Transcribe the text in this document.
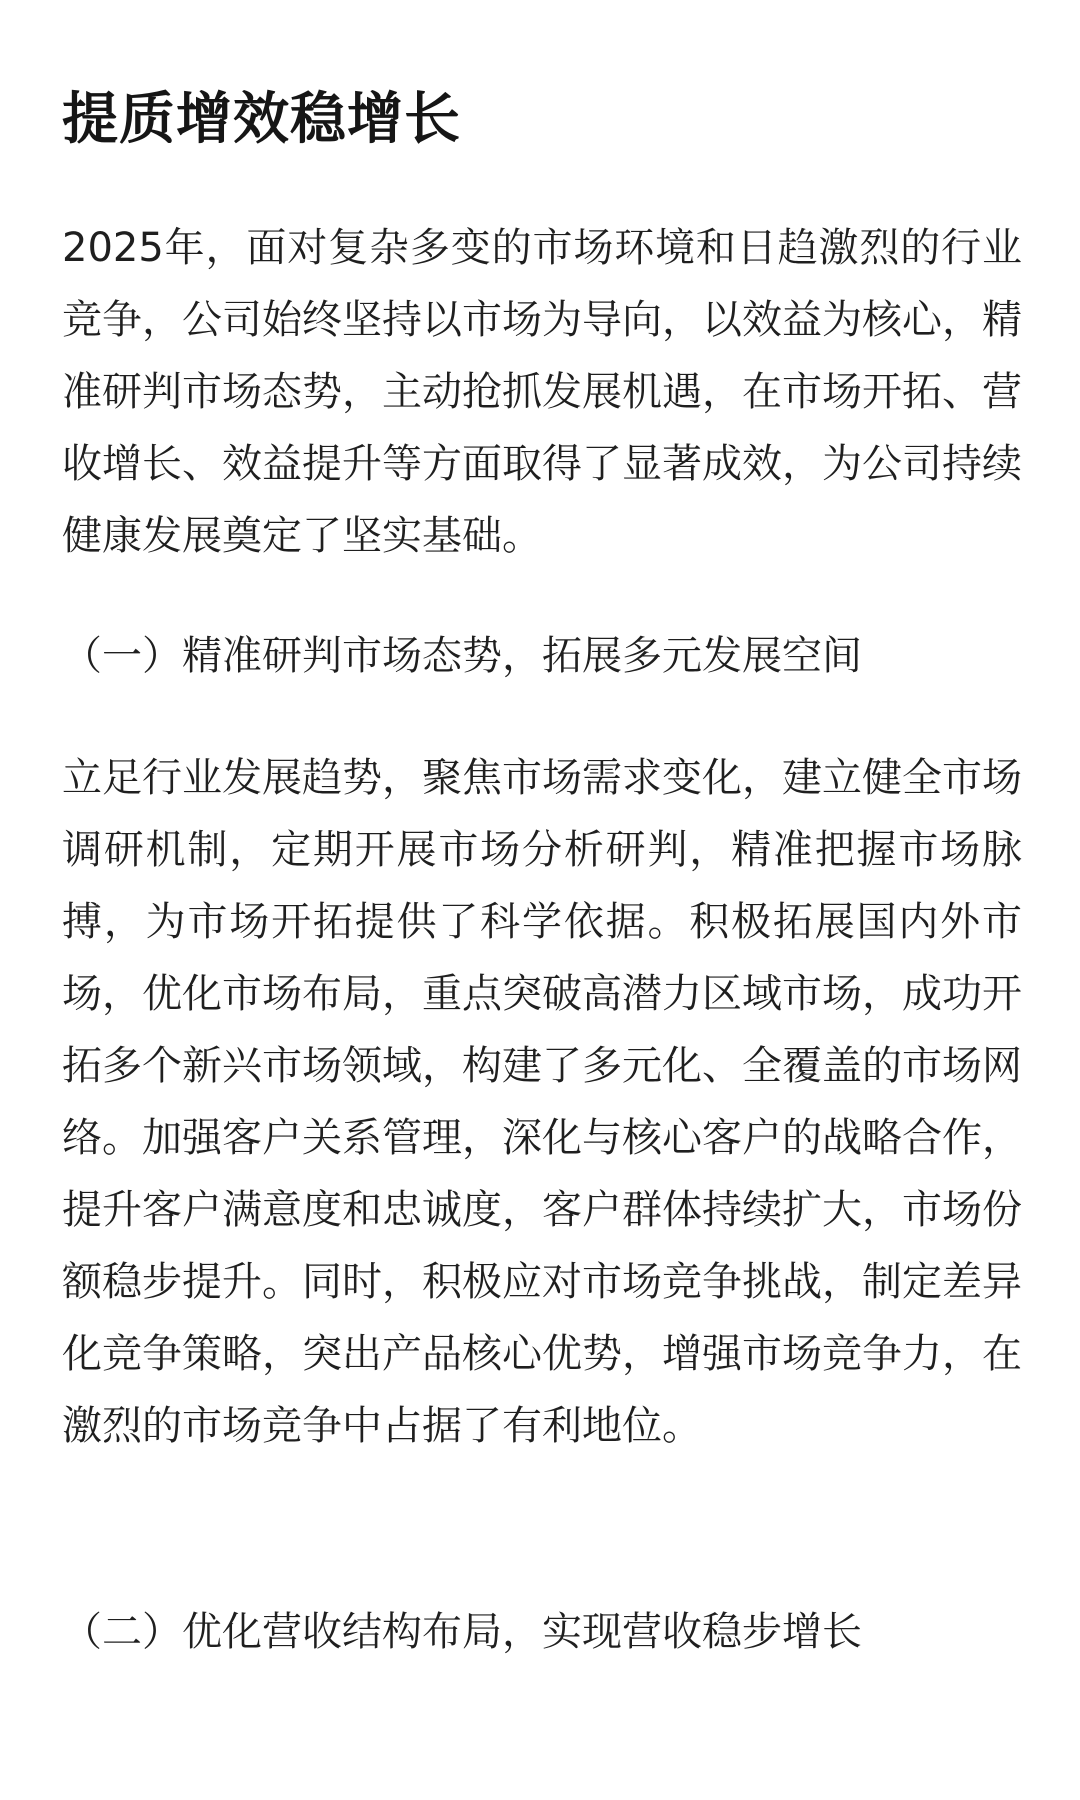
提质增效稳增长

2025年，面对复杂多变的市场环境和日趋激烈的行业竞争，公司始终坚持以市场为导向，以效益为核心，精准研判市场态势，主动抢抓发展机遇，在市场开拓、营收增长、效益提升等方面取得了显著成效，为公司持续健康发展奠定了坚实基础。

（一）精准研判市场态势，拓展多元发展空间

立足行业发展趋势，聚焦市场需求变化，建立健全市场调研机制，定期开展市场分析研判，精准把握市场脉搏，为市场开拓提供了科学依据。积极拓展国内外市场，优化市场布局，重点突破高潜力区域市场，成功开拓多个新兴市场领域，构建了多元化、全覆盖的市场网络。加强客户关系管理，深化与核心客户的战略合作，提升客户满意度和忠诚度，客户群体持续扩大，市场份额稳步提升。同时，积极应对市场竞争挑战，制定差异化竞争策略，突出产品核心优势，增强市场竞争力，在激烈的市场竞争中占据了有利地位。

（二）优化营收结构布局，实现营收稳步增长
